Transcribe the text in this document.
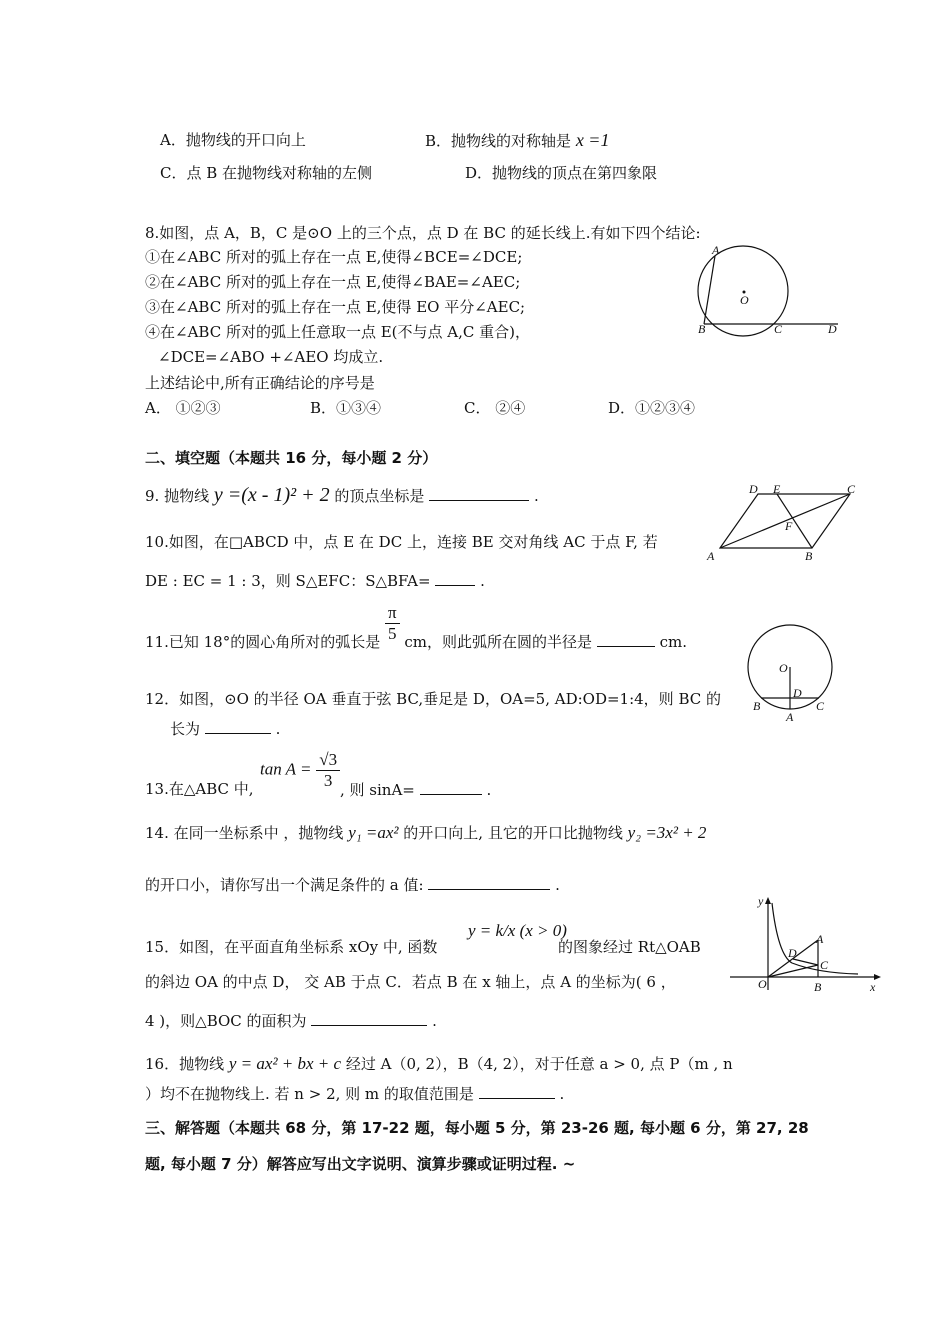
A．抛物线的开口向上	B．抛物线的对称轴是 x =1
C．点 B 在抛物线对称轴的左侧	D．抛物线的顶点在第四象限
8.如图，点 A，B，C 是⊙O 上的三个点，点 D 在 BC 的延长线上.有如下四个结论:
①在∠ABC 所对的弧上存在一点 E,使得∠BCE=∠DCE;
②在∠ABC 所对的弧上存在一点 E,使得∠BAE=∠AEC;
③在∠ABC 所对的弧上存在一点 E,使得 EO 平分∠AEC;
④在∠ABC 所对的弧上任意取一点 E(不与点 A,C 重合)，
∠DCE=∠ABO +∠AEO 均成立.
上述结论中,所有正确结论的序号是
A． ①②③	B．①③④	C． ②④	D．①②③④
A
B	C	D
O
二、填空题（本题共 16 分，每小题 2 分）
9. 抛物线 y =(x - 1)² + 2 的顶点坐标是	.	D E	C
F
A	B
10.如图，在□ABCD 中，点 E 在 DC 上，连接 BE 交对角线 AC 于点 F, 若
DE : EC = 1 : 3，则 S△EFC：S△BFA=	.
11.已知 18°的圆心角所对的弧长是 $\frac{\pi}{5}$ cm，则此弧所在圆的半径是	cm.
O
D
B	C
A
12．如图，⊙O 的半径 OA 垂直于弦 BC,垂足是 D，OA=5, AD:OD=1:4，则 BC 的
长为	.
13.在△ABC 中,
$\tan A = \frac{√3}{3}$ , 则 sinA=	.
14. 在同一坐标系中 ，抛物线 y₁ =ax² 的开口向上, 且它的开口比抛物线 y₂ =3x² + 2
的开口小，请你写出一个满足条件的 a 值:	.
y
x
O
A
B
C
D
15．如图，在平面直角坐标系 xOy 中, 函数
y = k/x (x > 0)
的图象经过 Rt△OAB
的斜边 OA 的中点 D， 交 AB 于点 C．若点 B 在 x 轴上，点 A 的坐标为( 6 ，
4 )，则△BOC 的面积为	.
16．抛物线 y = ax² + bx + c 经过 A（0, 2），B（4, 2），对于任意 a > 0, 点 P（m , n
）均不在抛物线上. 若 n > 2, 则 m 的取值范围是	.
三、解答题（本题共 68 分，第 17-22 题，每小题 5 分，第 23-26 题, 每小题 6 分，第 27, 28
题, 每小题 7 分）解答应写出文字说明、演算步骤或证明过程. ~
